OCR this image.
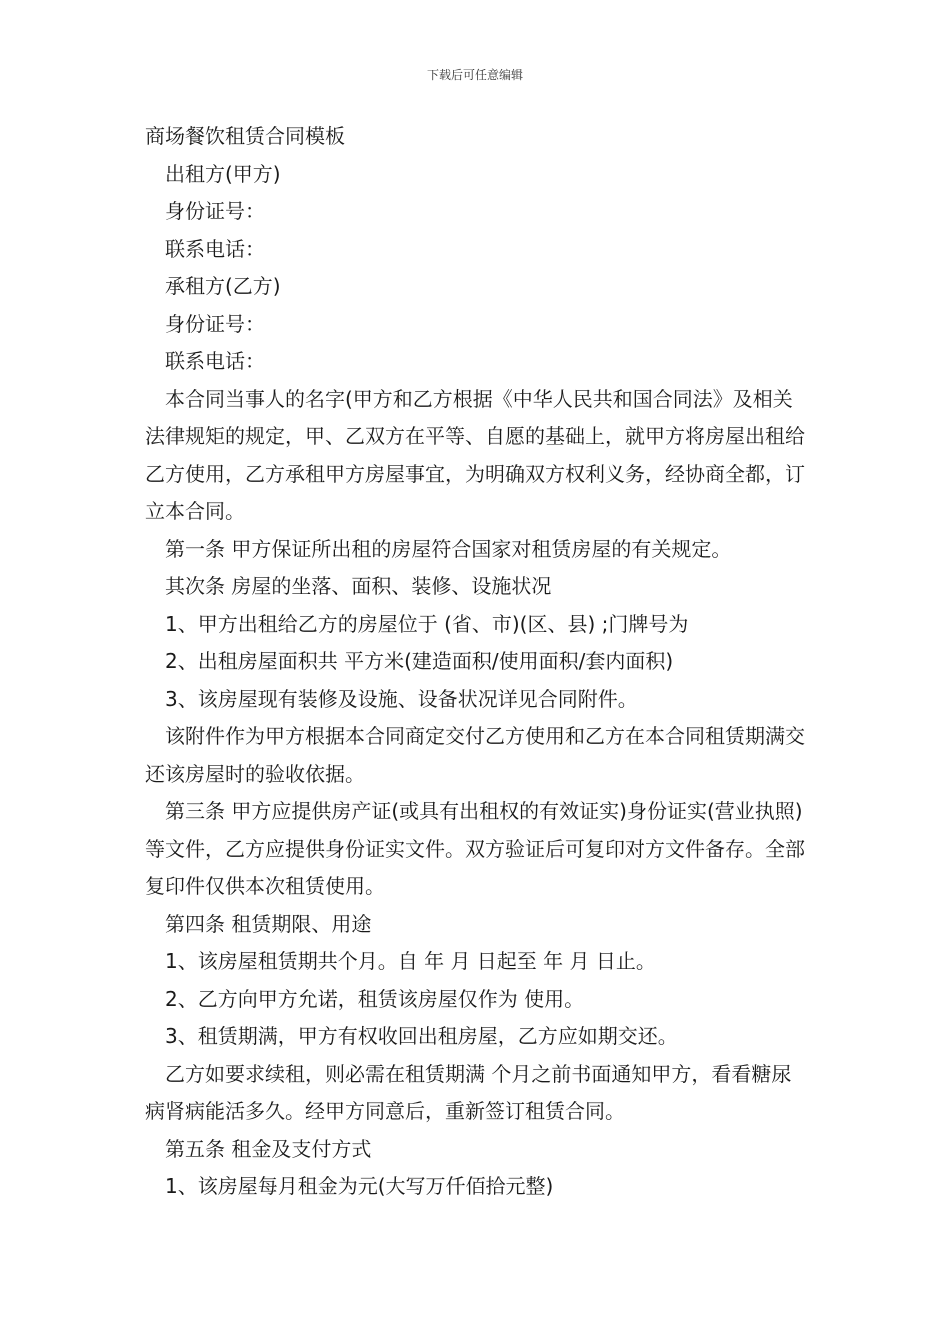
下载后可任意编辑

商场餐饮租赁合同模板

出租方(甲方)

身份证号：

联系电话：

承租方(乙方)

身份证号：

联系电话：

本合同当事人的名字(甲方和乙方根据《中华人民共和国合同法》及相关法律规矩的规定，甲、乙双方在平等、自愿的基础上，就甲方将房屋出租给乙方使用，乙方承租甲方房屋事宜，为明确双方权利义务，经协商全都，订立本合同。

第一条 甲方保证所出租的房屋符合国家对租赁房屋的有关规定。

其次条 房屋的坐落、面积、装修、设施状况

1、甲方出租给乙方的房屋位于 (省、市)(区、县) ;门牌号为

2、出租房屋面积共 平方米(建造面积/使用面积/套内面积)

3、该房屋现有装修及设施、设备状况详见合同附件。

该附件作为甲方根据本合同商定交付乙方使用和乙方在本合同租赁期满交还该房屋时的验收依据。

第三条 甲方应提供房产证(或具有出租权的有效证实)身份证实(营业执照)等文件，乙方应提供身份证实文件。双方验证后可复印对方文件备存。全部复印件仅供本次租赁使用。

第四条 租赁期限、用途

1、该房屋租赁期共个月。自 年 月 日起至 年 月 日止。

2、乙方向甲方允诺，租赁该房屋仅作为 使用。

3、租赁期满，甲方有权收回出租房屋，乙方应如期交还。

乙方如要求续租，则必需在租赁期满 个月之前书面通知甲方，看看糖尿病肾病能活多久。经甲方同意后，重新签订租赁合同。

第五条 租金及支付方式

1、该房屋每月租金为元(大写万仟佰拾元整)
